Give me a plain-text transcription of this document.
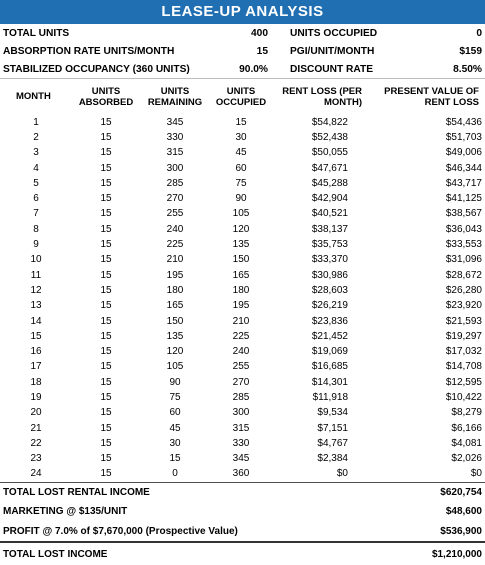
LEASE-UP ANALYSIS
TOTAL UNITS	400	UNITS OCCUPIED	0
ABSORPTION RATE UNITS/MONTH	15	PGI/UNIT/MONTH	$159
STABILIZED OCCUPANCY (360 UNITS)	90.0%	DISCOUNT RATE	8.50%
MONTH	UNITS ABSORBED	UNITS REMAINING	UNITS OCCUPIED	RENT LOSS (PER MONTH)	PRESENT VALUE OF RENT LOSS
1	15	345	15	$54,822	$54,436
2	15	330	30	$52,438	$51,703
3	15	315	45	$50,055	$49,006
4	15	300	60	$47,671	$46,344
5	15	285	75	$45,288	$43,717
6	15	270	90	$42,904	$41,125
7	15	255	105	$40,521	$38,567
8	15	240	120	$38,137	$36,043
9	15	225	135	$35,753	$33,553
10	15	210	150	$33,370	$31,096
11	15	195	165	$30,986	$28,672
12	15	180	180	$28,603	$26,280
13	15	165	195	$26,219	$23,920
14	15	150	210	$23,836	$21,593
15	15	135	225	$21,452	$19,297
16	15	120	240	$19,069	$17,032
17	15	105	255	$16,685	$14,708
18	15	90	270	$14,301	$12,595
19	15	75	285	$11,918	$10,422
20	15	60	300	$9,534	$8,279
21	15	45	315	$7,151	$6,166
22	15	30	330	$4,767	$4,081
23	15	15	345	$2,384	$2,026
24	15	0	360	$0	$0
TOTAL LOST RENTAL INCOME	$620,754
MARKETING @ $135/UNIT	$48,600
PROFIT @ 7.0% of $7,670,000 (Prospective Value)	$536,900
TOTAL LOST INCOME	$1,210,000
